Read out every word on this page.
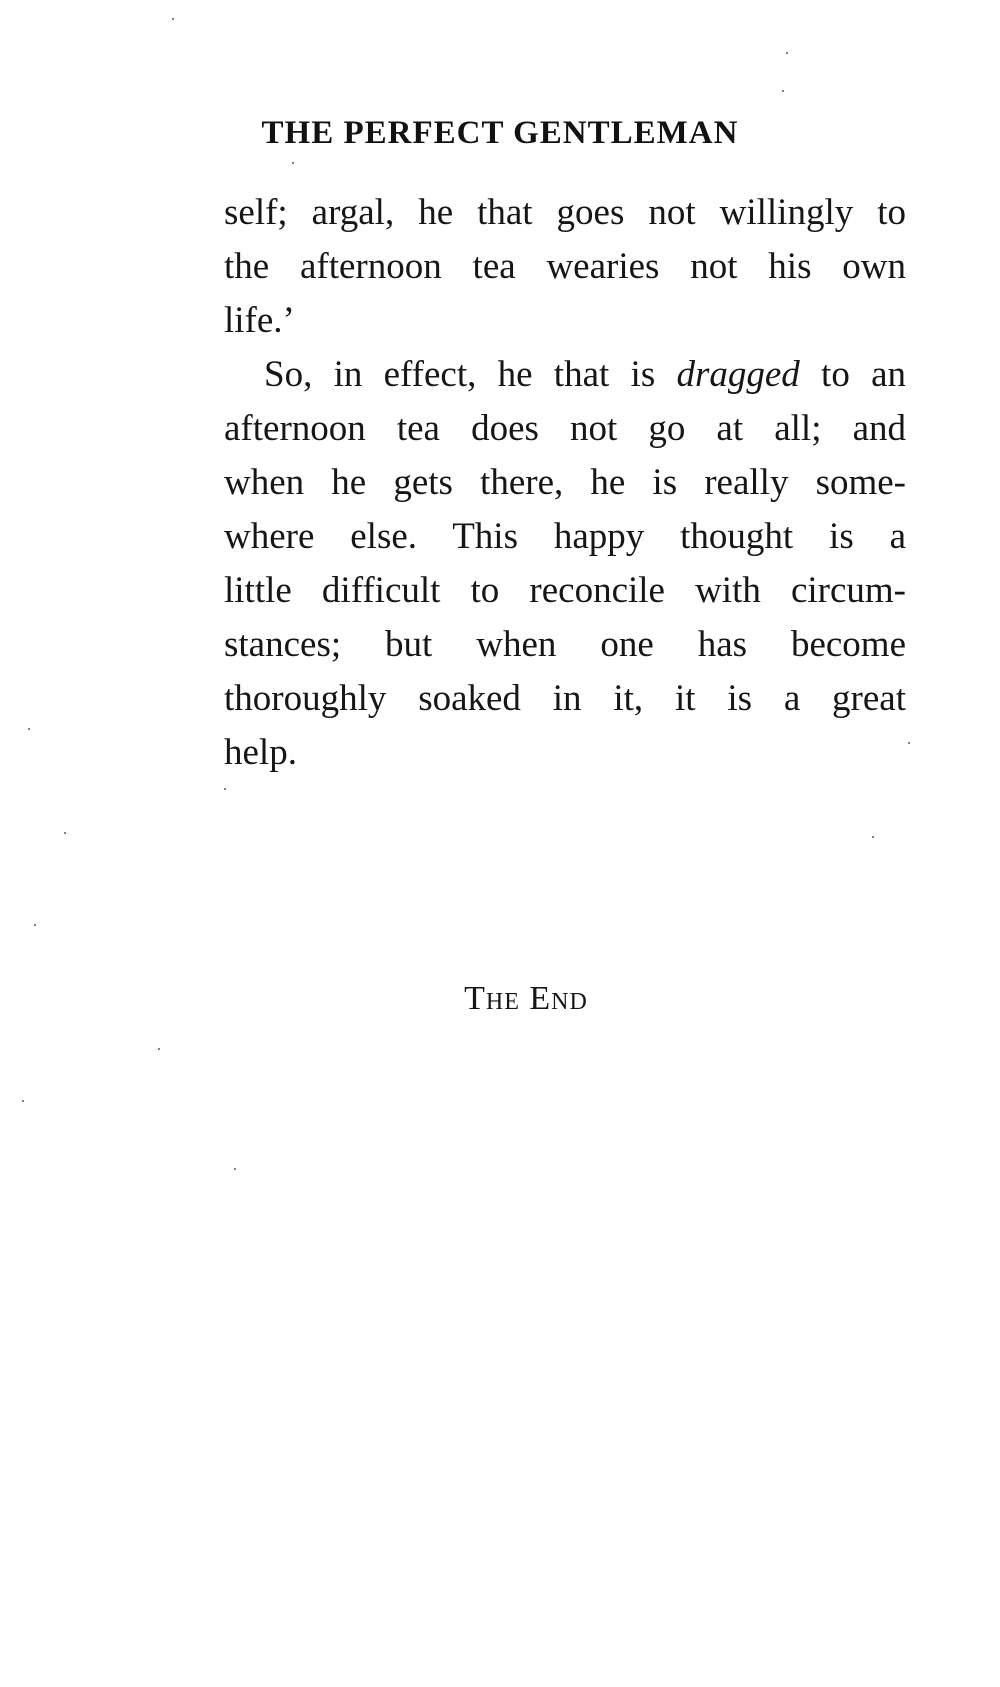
THE PERFECT GENTLEMAN

self; argal, he that goes not willingly to

the afternoon tea wearies not his own

life.’

So, in effect, he that is dragged to an

afternoon tea does not go at all; and

when he gets there, he is really some-

where else. This happy thought is a

little difficult to reconcile with circum-

stances; but when one has become

thoroughly soaked in it, it is a great

help.

The End
